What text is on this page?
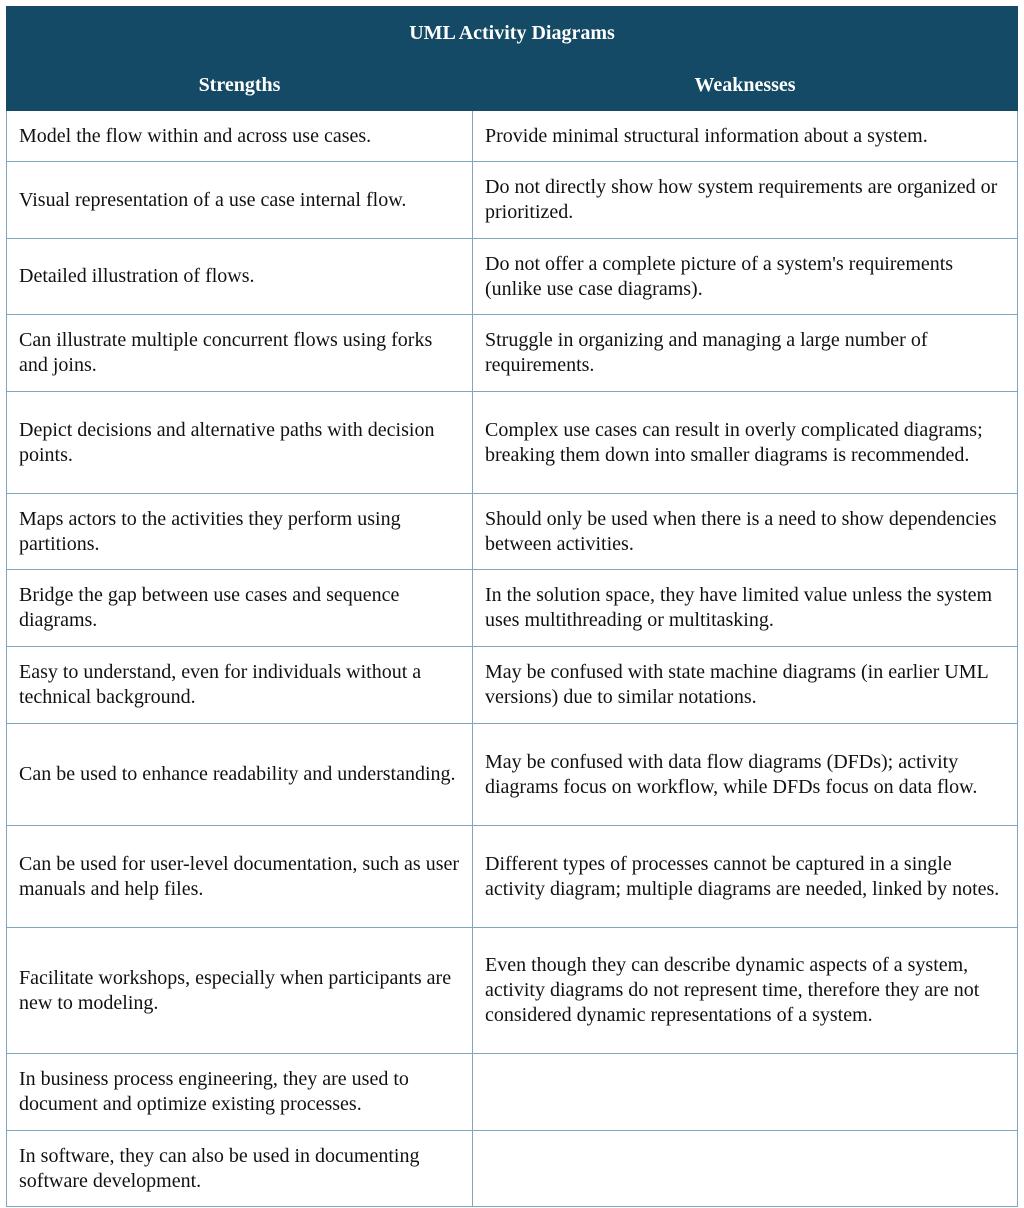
UML Activity Diagrams	
Strengths	Weaknesses
Model the flow within and across use cases.	Provide minimal structural information about a system.
Visual representation of a use case internal flow.	Do not directly show how system requirements are organized or prioritized.
Detailed illustration of flows.	Do not offer a complete picture of a system's requirements (unlike use case diagrams).
Can illustrate multiple concurrent flows using forks and joins.	Struggle in organizing and managing a large number of requirements.
Depict decisions and alternative paths with decision points.	Complex use cases can result in overly complicated diagrams; breaking them down into smaller diagrams is recommended.
Maps actors to the activities they perform using partitions.	Should only be used when there is a need to show dependencies between activities.
Bridge the gap between use cases and sequence diagrams.	In the solution space, they have limited value unless the system uses multithreading or multitasking.
Easy to understand, even for individuals without a technical background.	May be confused with state machine diagrams (in earlier UML versions) due to similar notations.
Can be used to enhance readability and understanding.	May be confused with data flow diagrams (DFDs); activity diagrams focus on workflow, while DFDs focus on data flow.
Can be used for user-level documentation, such as user manuals and help files.	Different types of processes cannot be captured in a single activity diagram; multiple diagrams are needed, linked by notes.
Facilitate workshops, especially when participants are new to modeling.	Even though they can describe dynamic aspects of a system, activity diagrams do not represent time, therefore they are not considered dynamic representations of a system.
In business process engineering, they are used to document and optimize existing processes.	
In software, they can also be used in documenting software development.	
